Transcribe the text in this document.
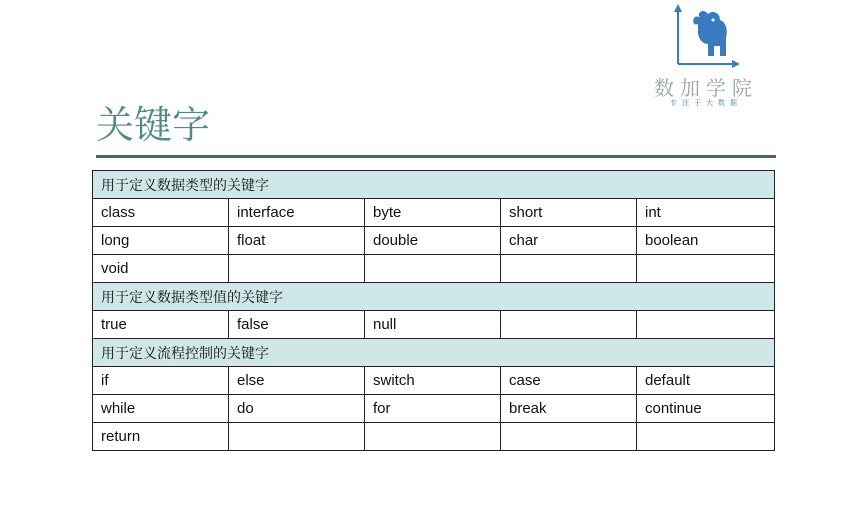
数加学院
专注于大数据
关键字
用于定义数据类型的关键字				
class	interface	byte	short	int
long	float	double	char	boolean
void				
用于定义数据类型值的关键字				
true	false	null		
用于定义流程控制的关键字				
if	else	switch	case	default
while	do	for	break	continue
return				
